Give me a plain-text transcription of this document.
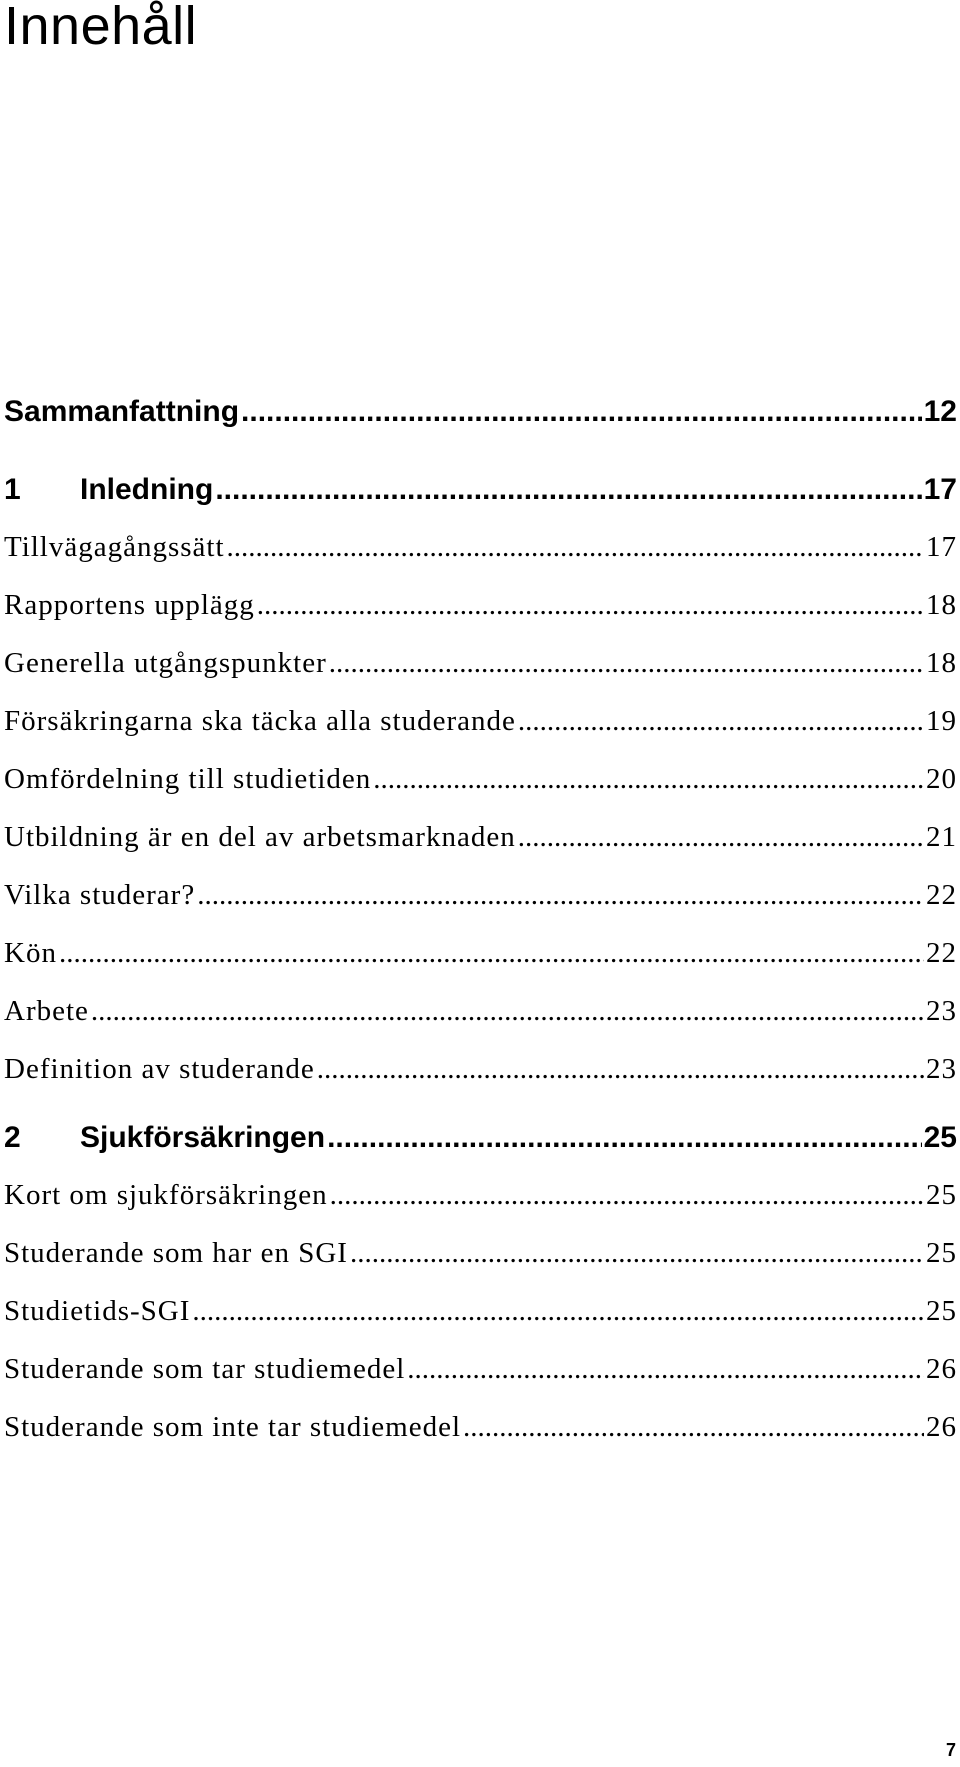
Innehåll
Sammanfattning .....	12
1	Inledning .....	17
Tillvägagångssätt .....	17
Rapportens upplägg .....	18
Generella utgångspunkter .....	18
Försäkringarna ska täcka alla studerande .....	19
Omfördelning till studietiden .....	20
Utbildning är en del av arbetsmarknaden .....	21
Vilka studerar? .....	22
Kön .....	22
Arbete .....	23
Definition av studerande .....	23
2	Sjukförsäkringen .....	25
Kort om sjukförsäkringen .....	25
Studerande som har en SGI .....	25
Studietids-SGI .....	25
Studerande som tar studiemedel .....	26
Studerande som inte tar studiemedel .....	26
7
